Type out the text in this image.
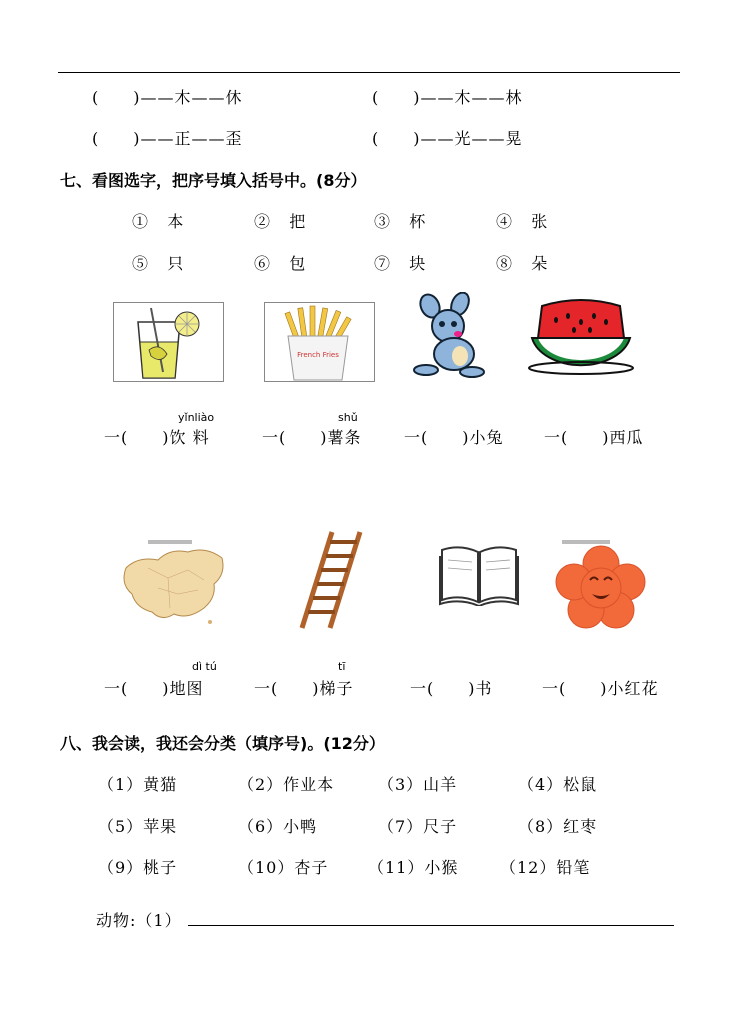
(　　)——木——休	(　　)——木——林
(　　)——正——歪	(　　)——光——晃
七、看图选字，把序号填入括号中。(8分）
① 本	② 把	③ 杯	④ 张
⑤ 只	⑥ 包	⑦ 块	⑧ 朵
French Fries
yǐnliào	shǔ
一(　　)饮 料	一(　　)薯条	一(　　)小兔	一(　　)西瓜
dì tú	tī
一(　　)地图	一(　　)梯子	一(　　)书	一(　　)小红花
八、我会读，我还会分类（填序号)。(12分）
（1）黄猫	（2）作业本	（3）山羊	（4）松鼠
（5）苹果	（6）小鸭	（7）尺子	（8）红枣
（9）桃子	（10）杏子 （11）小猴	（12）铅笔
动物:（1）
